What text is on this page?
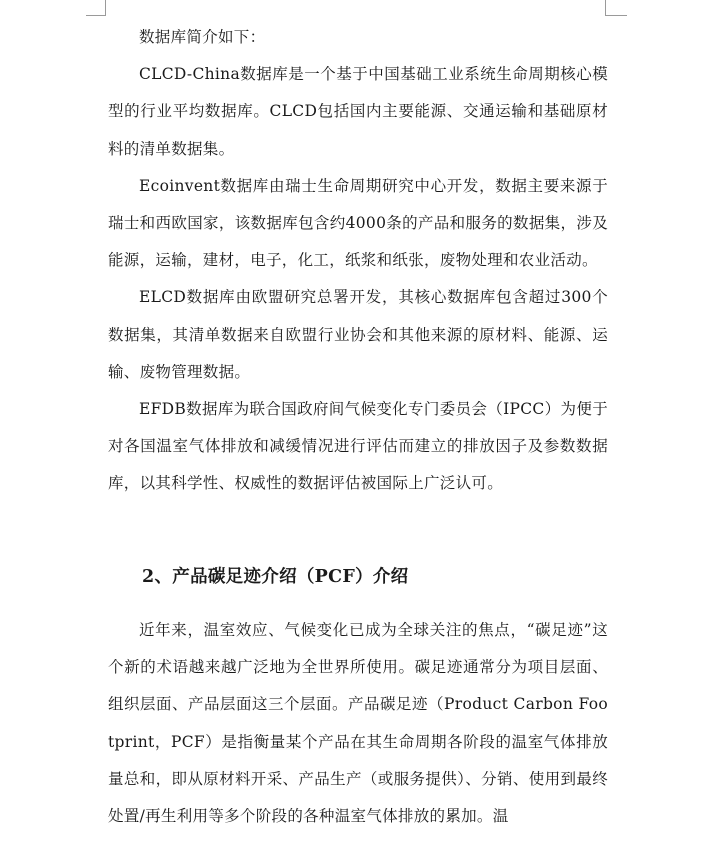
数据库简介如下：

CLCD-China数据库是一个基于中国基础工业系统生命周期核心模型的行业平均数据库。CLCD包括国内主要能源、交通运输和基础原材料的清单数据集。

Ecoinvent数据库由瑞士生命周期研究中心开发，数据主要来源于瑞士和西欧国家，该数据库包含约4000条的产品和服务的数据集，涉及能源，运输，建材，电子，化工，纸浆和纸张，废物处理和农业活动。

ELCD数据库由欧盟研究总署开发，其核心数据库包含超过300个数据集，其清单数据来自欧盟行业协会和其他来源的原材料、能源、运输、废物管理数据。

EFDB数据库为联合国政府间气候变化专门委员会（IPCC）为便于对各国温室气体排放和减缓情况进行评估而建立的排放因子及参数数据库，以其科学性、权威性的数据评估被国际上广泛认可。

2、产品碳足迹介绍（PCF）介绍

近年来，温室效应、气候变化已成为全球关注的焦点，“碳足迹”这个新的术语越来越广泛地为全世界所使用。碳足迹通常分为项目层面、组织层面、产品层面这三个层面。产品碳足迹（Product Carbon Footprint，PCF）是指衡量某个产品在其生命周期各阶段的温室气体排放量总和，即从原材料开采、产品生产（或服务提供）、分销、使用到最终处置/再生利用等多个阶段的各种温室气体排放的累加。温
